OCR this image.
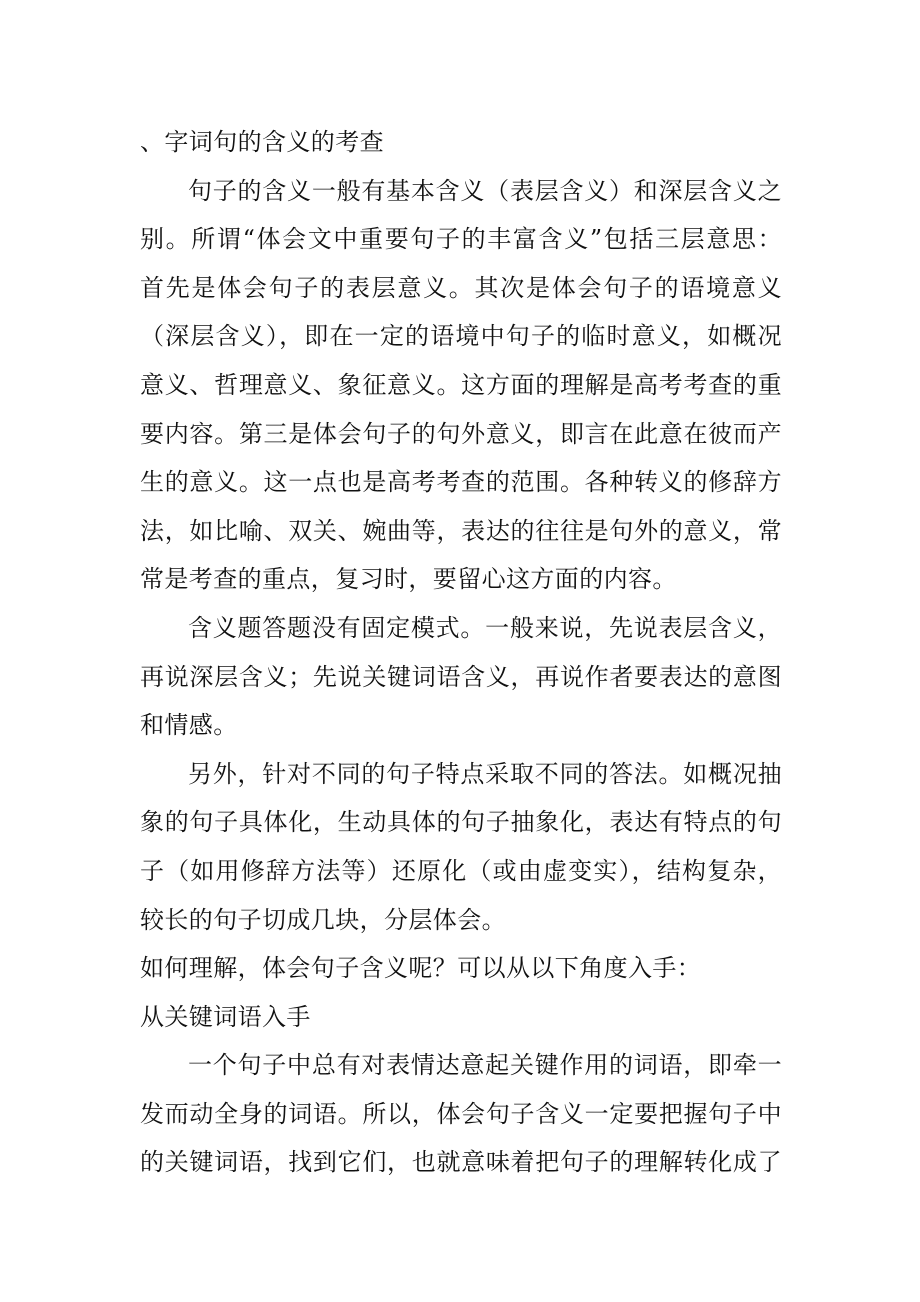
、字词句的含义的考查
句子的含义一般有基本含义（表层含义）和深层含义之
别。所谓“体会文中重要句子的丰富含义”包括三层意思：
首先是体会句子的表层意义。其次是体会句子的语境意义
（深层含义），即在一定的语境中句子的临时意义，如概况
意义、哲理意义、象征意义。这方面的理解是高考考查的重
要内容。第三是体会句子的句外意义，即言在此意在彼而产
生的意义。这一点也是高考考查的范围。各种转义的修辞方
法，如比喻、双关、婉曲等，表达的往往是句外的意义，常
常是考查的重点，复习时，要留心这方面的内容。
含义题答题没有固定模式。一般来说，先说表层含义，
再说深层含义；先说关键词语含义，再说作者要表达的意图
和情感。
另外，针对不同的句子特点采取不同的答法。如概况抽
象的句子具体化，生动具体的句子抽象化，表达有特点的句
子（如用修辞方法等）还原化（或由虚变实），结构复杂，
较长的句子切成几块，分层体会。
如何理解，体会句子含义呢？可以从以下角度入手：
从关键词语入手
一个句子中总有对表情达意起关键作用的词语，即牵一
发而动全身的词语。所以，体会句子含义一定要把握句子中
的关键词语，找到它们，也就意味着把句子的理解转化成了
